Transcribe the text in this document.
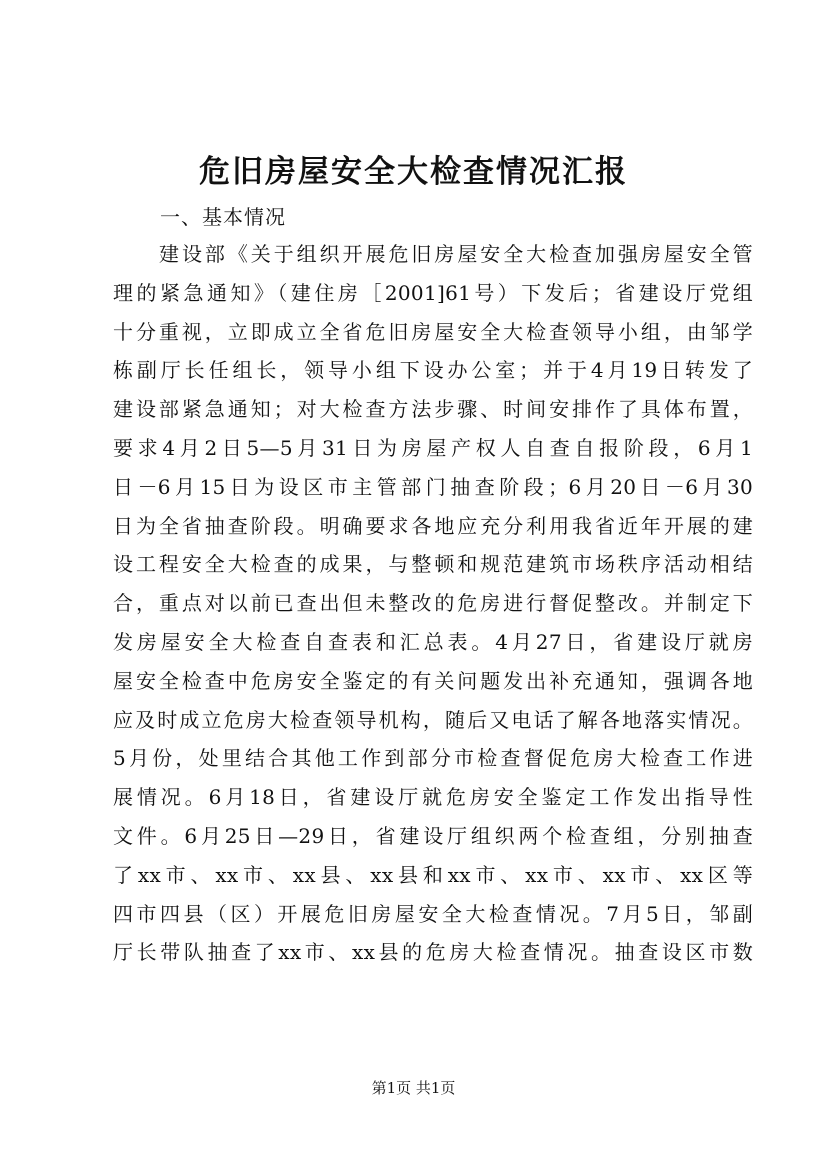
危旧房屋安全大检查情况汇报
一、基本情况
建设部《关于组织开展危旧房屋安全大检查加强房屋安全管
理的紧急通知》（建住房［2001]61号）下发后；省建设厅党组
十分重视，立即成立全省危旧房屋安全大检查领导小组，由邹学
栋副厅长任组长，领导小组下设办公室；并于4月19日转发了
建设部紧急通知；对大检查方法步骤、时间安排作了具体布置，
要求4月2日5—5月31日为房屋产权人自查自报阶段，6月1
日－6月15日为设区市主管部门抽查阶段；6月20日－6月30
日为全省抽查阶段。明确要求各地应充分利用我省近年开展的建
设工程安全大检查的成果，与整顿和规范建筑市场秩序活动相结
合，重点对以前已查出但未整改的危房进行督促整改。并制定下
发房屋安全大检查自查表和汇总表。4月27日，省建设厅就房
屋安全检查中危房安全鉴定的有关问题发出补充通知，强调各地
应及时成立危房大检查领导机构，随后又电话了解各地落实情况。
5月份，处里结合其他工作到部分市检查督促危房大检查工作进
展情况。6月18日，省建设厅就危房安全鉴定工作发出指导性
文件。6月25日—29日，省建设厅组织两个检查组，分别抽查
了xx市、xx市、xx县、xx县和xx市、xx市、xx市、xx区等
四市四县（区）开展危旧房屋安全大检查情况。7月5日，邹副
厅长带队抽查了xx市、xx县的危房大检查情况。抽查设区市数
第1页 共1页
